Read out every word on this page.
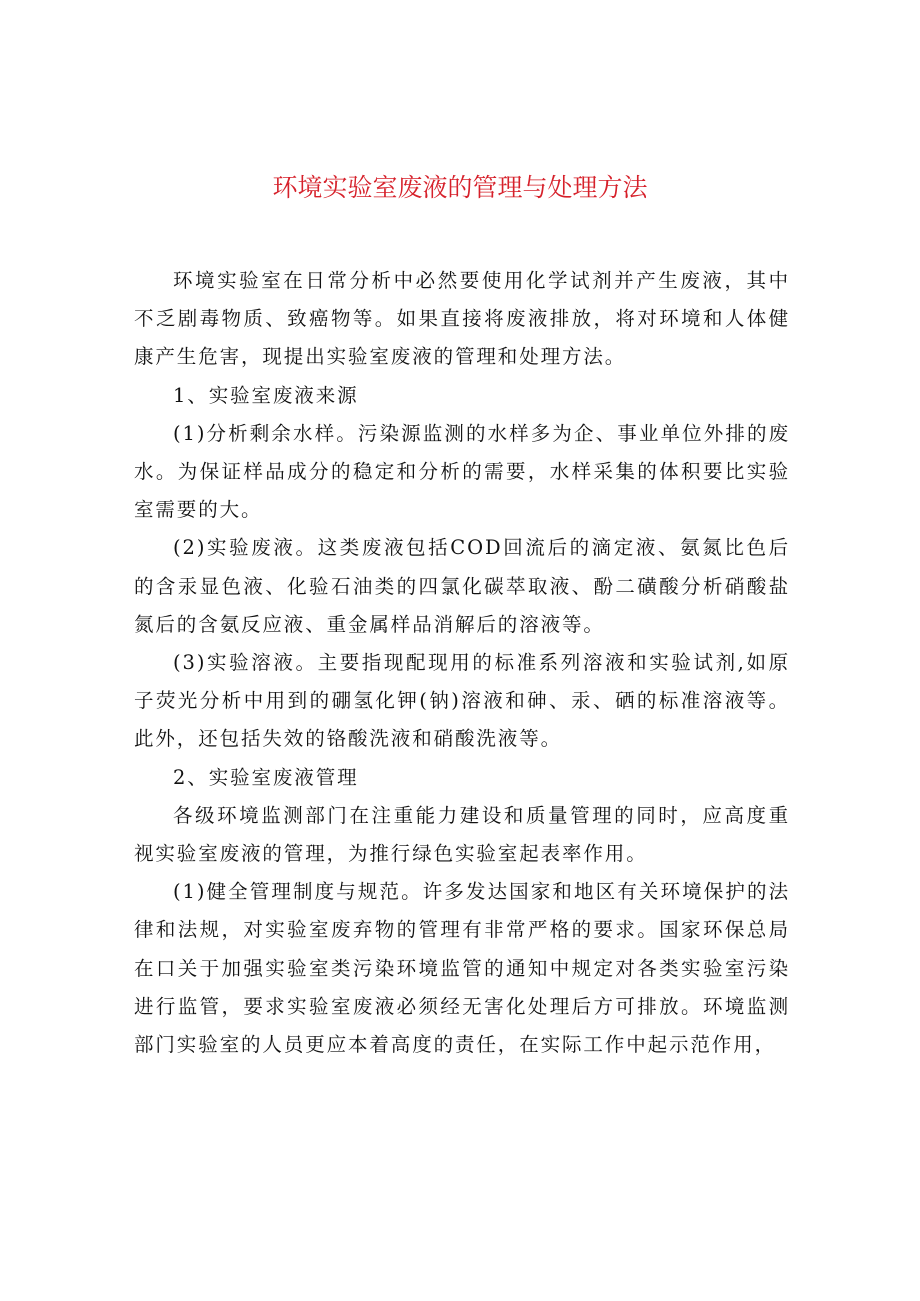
环境实验室废液的管理与处理方法

环境实验室在日常分析中必然要使用化学试剂并产生废液，其中不乏剧毒物质、致癌物等。如果直接将废液排放，将对环境和人体健康产生危害，现提出实验室废液的管理和处理方法。

1、实验室废液来源

(1)分析剩余水样。污染源监测的水样多为企、事业单位外排的废水。为保证样品成分的稳定和分析的需要，水样采集的体积要比实验室需要的大。

(2)实验废液。这类废液包括COD回流后的滴定液、氨氮比色后的含汞显色液、化验石油类的四氯化碳萃取液、酚二磺酸分析硝酸盐氮后的含氨反应液、重金属样品消解后的溶液等。

(3)实验溶液。主要指现配现用的标准系列溶液和实验试剂,如原子荧光分析中用到的硼氢化钾(钠)溶液和砷、汞、硒的标准溶液等。此外，还包括失效的铬酸洗液和硝酸洗液等。

2、实验室废液管理

各级环境监测部门在注重能力建设和质量管理的同时，应高度重视实验室废液的管理，为推行绿色实验室起表率作用。

(1)健全管理制度与规范。许多发达国家和地区有关环境保护的法律和法规，对实验室废弃物的管理有非常严格的要求。国家环保总局在口关于加强实验室类污染环境监管的通知中规定对各类实验室污染进行监管，要求实验室废液必须经无害化处理后方可排放。环境监测部门实验室的人员更应本着高度的责任，在实际工作中起示范作用，
